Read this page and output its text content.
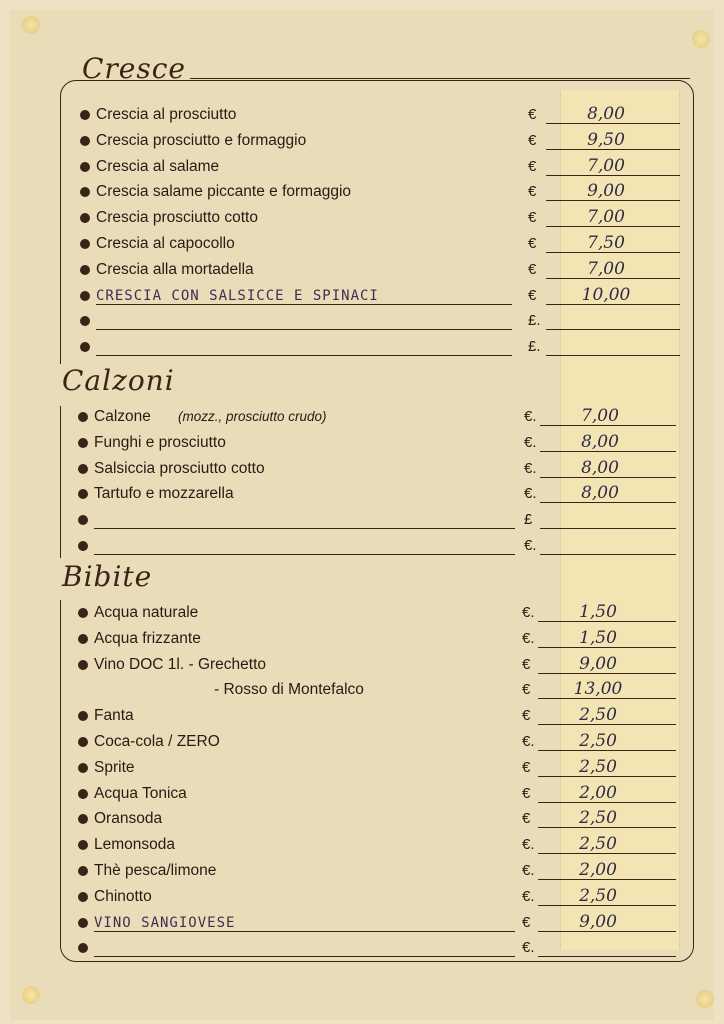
Cresce
Calzoni
Bibite
Crescia al prosciutto	€	8,00
Crescia prosciutto e formaggio	€	9,50
Crescia al salame	€	7,00
Crescia salame piccante e formaggio	€	9,00
Crescia prosciutto cotto	€	7,00
Crescia al capocollo	€	7,50
Crescia alla mortadella	€	7,00
CRESCIA CON SALSICCE E SPINACI	€	10,00
£.
£.
Calzone (mozz., prosciutto crudo)	€.	7,00
Funghi e prosciutto	€.	8,00
Salsiccia prosciutto cotto	€.	8,00
Tartufo e mozzarella	€.	8,00
£
€.
Acqua naturale	€.	1,50
Acqua frizzante	€.	1,50
Vino DOC 1l. - Grechetto	€	9,00
- Rosso di Montefalco	€	13,00
Fanta	€	2,50
Coca-cola / ZERO	€.	2,50
Sprite	€	2,50
Acqua Tonica	€	2,00
Oransoda	€	2,50
Lemonsoda	€.	2,50
Thè pesca/limone	€.	2,00
Chinotto	€.	2,50
VINO SANGIOVESE	€	9,00
€.
